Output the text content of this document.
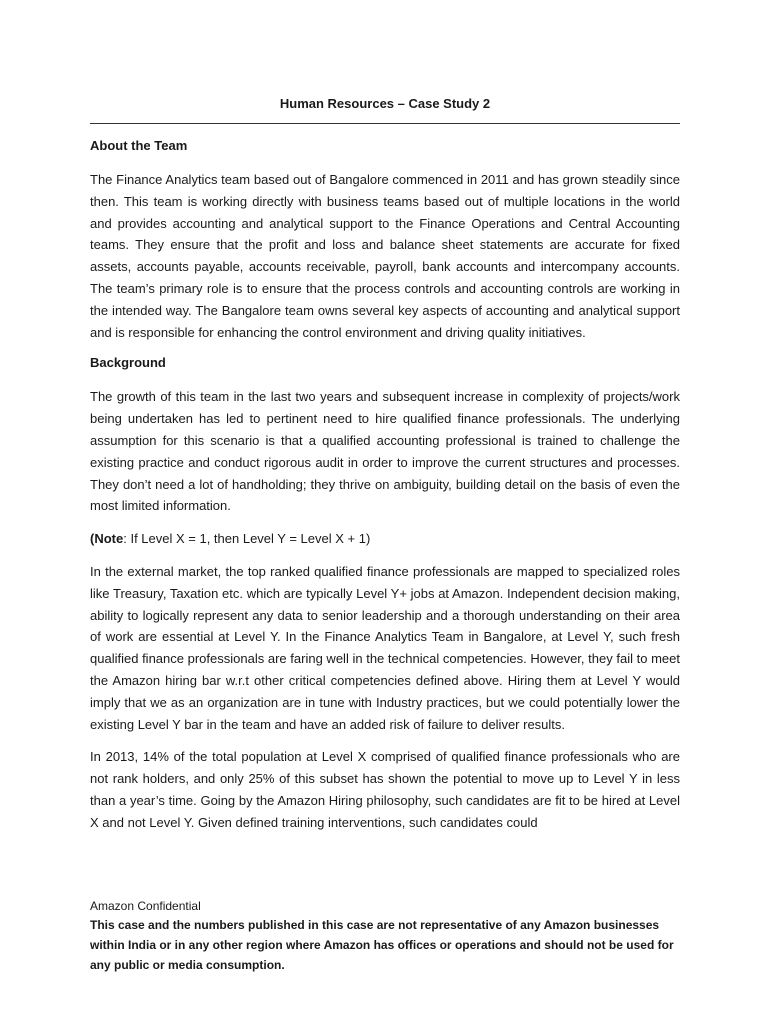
Human Resources – Case Study 2
About the Team

The Finance Analytics team based out of Bangalore commenced in 2011 and has grown steadily since then. This team is working directly with business teams based out of multiple locations in the world and provides accounting and analytical support to the Finance Operations and Central Accounting teams. They ensure that the profit and loss and balance sheet statements are accurate for fixed assets, accounts payable, accounts receivable, payroll, bank accounts and intercompany accounts. The team’s primary role is to ensure that the process controls and accounting controls are working in the intended way. The Bangalore team owns several key aspects of accounting and analytical support and is responsible for enhancing the control environment and driving quality initiatives.

Background

The growth of this team in the last two years and subsequent increase in complexity of projects/work being undertaken has led to pertinent need to hire qualified finance professionals. The underlying assumption for this scenario is that a qualified accounting professional is trained to challenge the existing practice and conduct rigorous audit in order to improve the current structures and processes. They don’t need a lot of handholding; they thrive on ambiguity, building detail on the basis of even the most limited information.

(Note: If Level X = 1, then Level Y = Level X + 1)

In the external market, the top ranked qualified finance professionals are mapped to specialized roles like Treasury, Taxation etc. which are typically Level Y+ jobs at Amazon. Independent decision making, ability to logically represent any data to senior leadership and a thorough understanding on their area of work are essential at Level Y. In the Finance Analytics Team in Bangalore, at Level Y, such fresh qualified finance professionals are faring well in the technical competencies. However, they fail to meet the Amazon hiring bar w.r.t other critical competencies defined above. Hiring them at Level Y would imply that we as an organization are in tune with Industry practices, but we could potentially lower the existing Level Y bar in the team and have an added risk of failure to deliver results.

In 2013, 14% of the total population at Level X comprised of qualified finance professionals who are not rank holders, and only 25% of this subset has shown the potential to move up to Level Y in less than a year’s time. Going by the Amazon Hiring philosophy, such candidates are fit to be hired at Level X and not Level Y. Given defined training interventions, such candidates could

Amazon Confidential

This case and the numbers published in this case are not representative of any Amazon businesses within India or in any other region where Amazon has offices or operations and should not be used for any public or media consumption.
